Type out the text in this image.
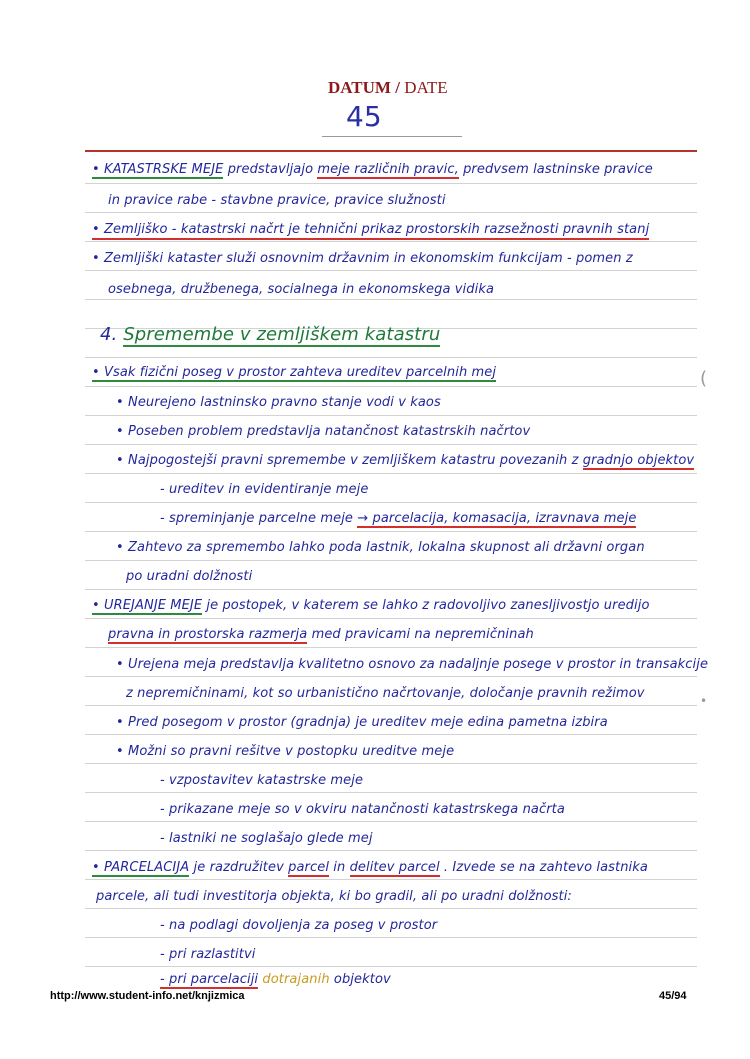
DATUM / DATE
45
• KATASTRSKE MEJE predstavljajo meje različnih pravic, predvsem lastninske pravice
in pravice rabe - stavbne pravice, pravice služnosti
• Zemljiško - katastrski načrt je tehnični prikaz prostorskih razsežnosti pravnih stanj
• Zemljiški kataster služi osnovnim državnim in ekonomskim funkcijam - pomen z
osebnega, družbenega, socialnega in ekonomskega vidika
4. Spremembe v zemljiškem katastru
• Vsak fizični poseg v prostor zahteva ureditev parcelnih mej
• Neurejeno lastninsko pravno stanje vodi v kaos
• Poseben problem predstavlja natančnost katastrskih načrtov
• Najpogostejši pravni spremembe v zemljiškem katastru povezanih z gradnjo objektov
- ureditev in evidentiranje meje
- spreminjanje parcelne meje → parcelacija, komasacija, izravnava meje
• Zahtevo za spremembo lahko poda lastnik, lokalna skupnost ali državni organ
po uradni dolžnosti
• UREJANJE MEJE je postopek, v katerem se lahko z radovoljivo zanesljivostjo uredijo
pravna in prostorska razmerja med pravicami na nepremičninah
• Urejena meja predstavlja kvalitetno osnovo za nadaljnje posege v prostor in transakcije
z nepremičninami, kot so urbanistično načrtovanje, določanje pravnih režimov
• Pred posegom v prostor (gradnja) je ureditev meje edina pametna izbira
• Možni so pravni rešitve v postopku ureditve meje
- vzpostavitev katastrske meje
- prikazane meje so v okviru natančnosti katastrskega načrta
- lastniki ne soglašajo glede mej
• PARCELACIJA je razdružitev parcel in delitev parcel . Izvede se na zahtevo lastnika
parcele, ali tudi investitorja objekta, ki bo gradil, ali po uradni dolžnosti:
- na podlagi dovoljenja za poseg v prostor
- pri razlastitvi
- pri parcelaciji dotrajanih objektov
(
•
http://www.student-info.net/knjizmica	45/94
